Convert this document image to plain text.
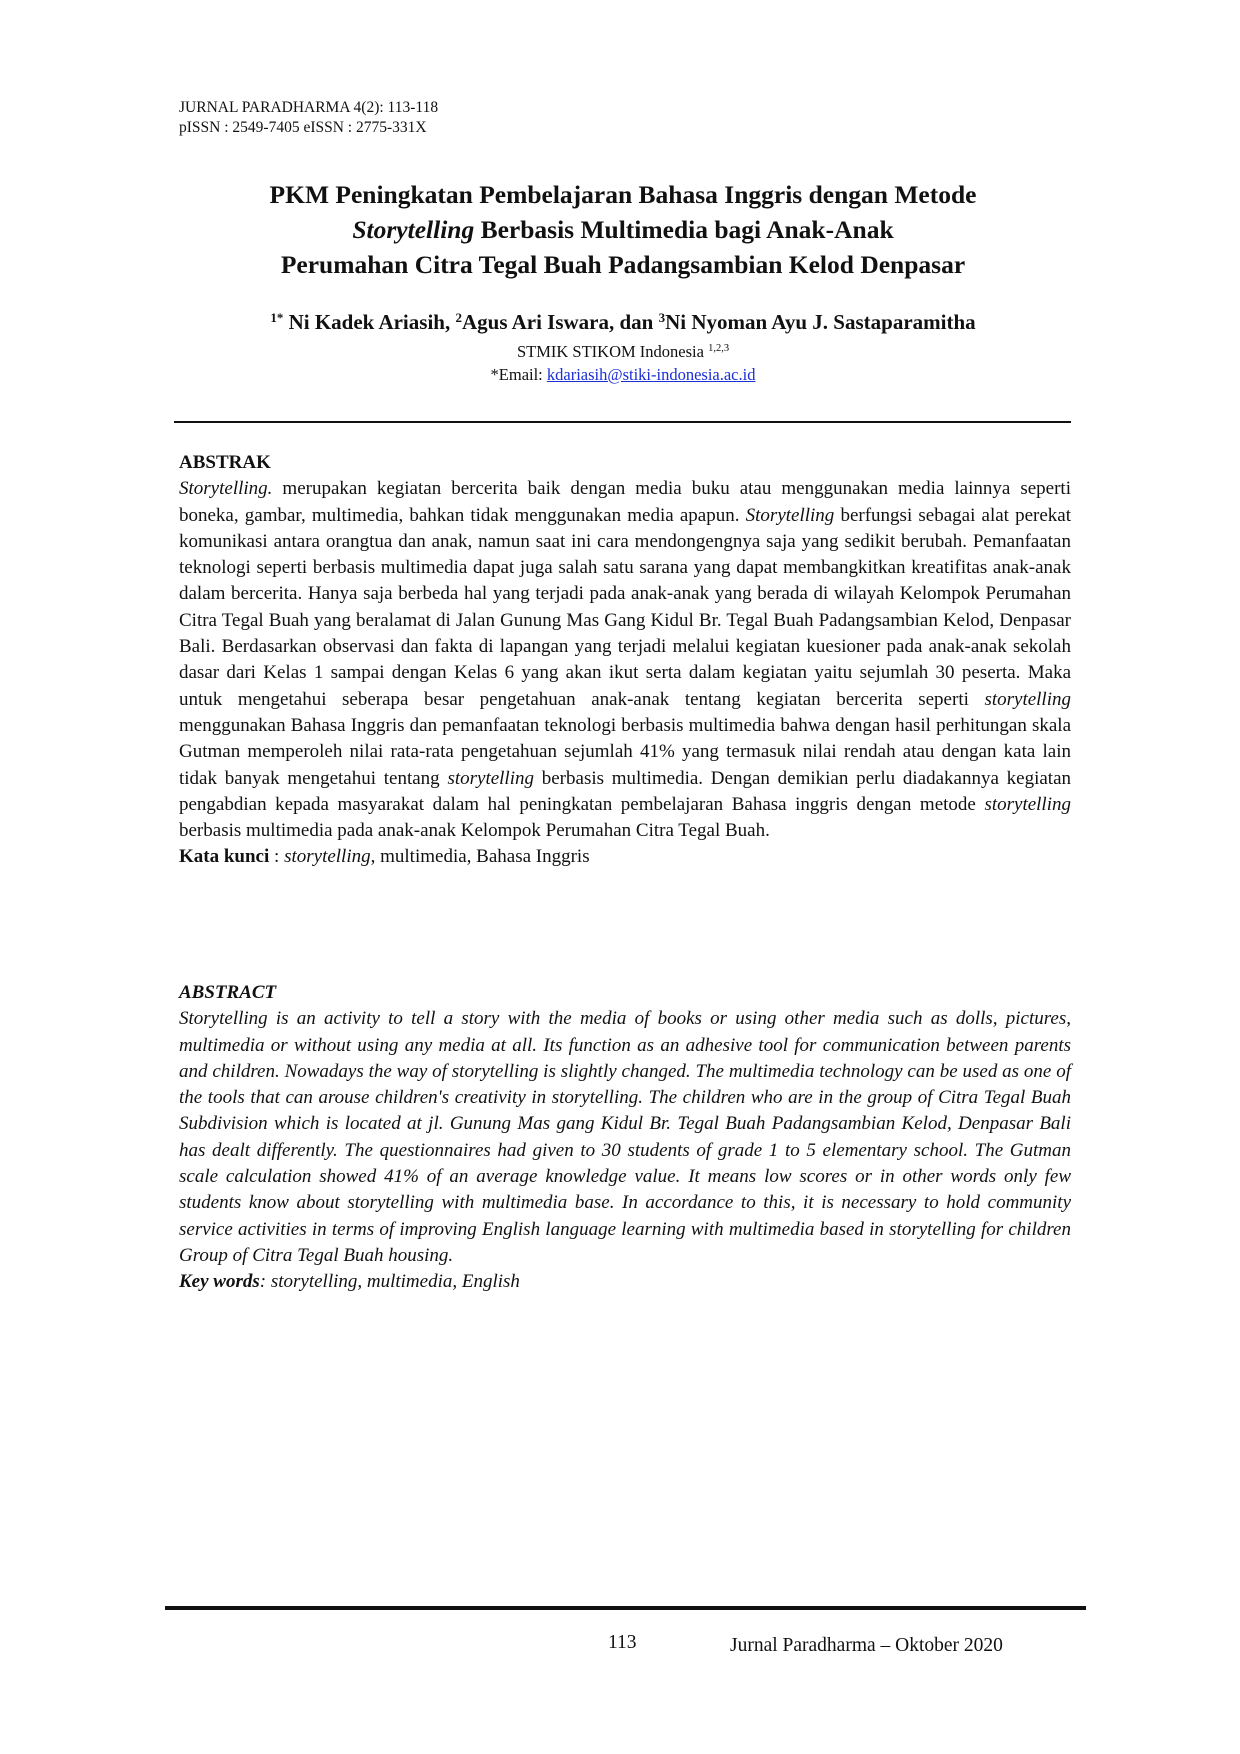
JURNAL PARADHARMA 4(2): 113-118
pISSN : 2549-7405 eISSN : 2775-331X
PKM Peningkatan Pembelajaran Bahasa Inggris dengan Metode
Storytelling Berbasis Multimedia bagi Anak-Anak
Perumahan Citra Tegal Buah Padangsambian Kelod Denpasar
$^{1*}$ Ni Kadek Ariasih, $^2$Agus Ari Iswara, dan $^3$Ni Nyoman Ayu J. Sastaparamitha
STMIK STIKOM Indonesia $^{1,2,3}$
*Email: kdariasih@stiki-indonesia.ac.id

ABSTRAK

Storytelling. merupakan kegiatan bercerita baik dengan media buku atau menggunakan media lainnya seperti boneka, gambar, multimedia, bahkan tidak menggunakan media apapun. Storytelling berfungsi sebagai alat perekat komunikasi antara orangtua dan anak, namun saat ini cara mendongengnya saja yang sedikit berubah. Pemanfaatan teknologi seperti berbasis multimedia dapat juga salah satu sarana yang dapat membangkitkan kreatifitas anak-anak dalam bercerita. Hanya saja berbeda hal yang terjadi pada anak-anak yang berada di wilayah Kelompok Perumahan Citra Tegal Buah yang beralamat di Jalan Gunung Mas Gang Kidul Br. Tegal Buah Padangsambian Kelod, Denpasar Bali. Berdasarkan observasi dan fakta di lapangan yang terjadi melalui kegiatan kuesioner pada anak-anak sekolah dasar dari Kelas 1 sampai dengan Kelas 6 yang akan ikut serta dalam kegiatan yaitu sejumlah 30 peserta. Maka untuk mengetahui seberapa besar pengetahuan anak-anak tentang kegiatan bercerita seperti storytelling menggunakan Bahasa Inggris dan pemanfaatan teknologi berbasis multimedia bahwa dengan hasil perhitungan skala Gutman memperoleh nilai rata-rata pengetahuan sejumlah 41% yang termasuk nilai rendah atau dengan kata lain tidak banyak mengetahui tentang storytelling berbasis multimedia. Dengan demikian perlu diadakannya kegiatan pengabdian kepada masyarakat dalam hal peningkatan pembelajaran Bahasa inggris dengan metode storytelling berbasis multimedia pada anak-anak Kelompok Perumahan Citra Tegal Buah.

Kata kunci : storytelling, multimedia, Bahasa Inggris

ABSTRACT

Storytelling is an activity to tell a story with the media of books or using other media such as dolls, pictures, multimedia or without using any media at all. Its function as an adhesive tool for communication between parents and children. Nowadays the way of storytelling is slightly changed. The multimedia technology can be used as one of the tools that can arouse children's creativity in storytelling. The children who are in the group of Citra Tegal Buah Subdivision which is located at jl. Gunung Mas gang Kidul Br. Tegal Buah Padangsambian Kelod, Denpasar Bali has dealt differently. The questionnaires had given to 30 students of grade 1 to 5 elementary school. The Gutman scale calculation showed 41% of an average knowledge value. It means low scores or in other words only few students know about storytelling with multimedia base. In accordance to this, it is necessary to hold community service activities in terms of improving English language learning with multimedia based in storytelling for children Group of Citra Tegal Buah housing.

Key words: storytelling, multimedia, English

113	Jurnal Paradharma – Oktober 2020
